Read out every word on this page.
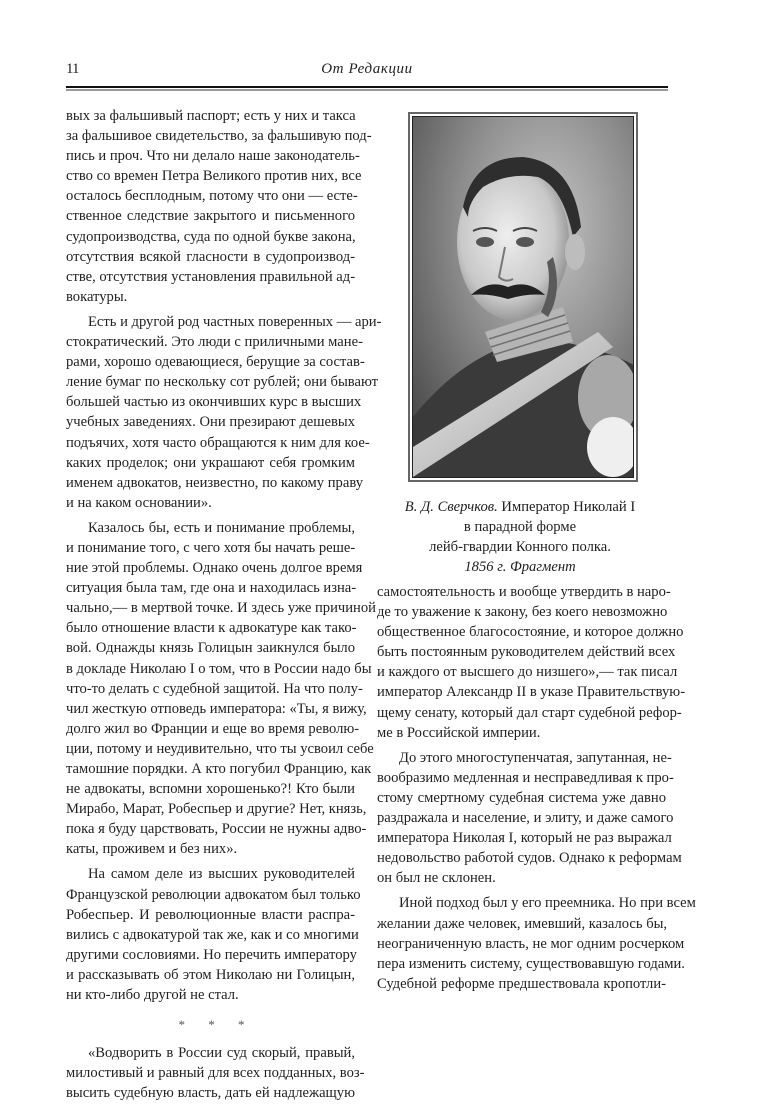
11	От Редакции

вых за фальшивый паспорт; есть у них и такса
за фальшивое свидетельство, за фальшивую под-
пись и проч. Что ни делало наше законодатель-
ство со времен Петра Великого против них, все
осталось бесплодным, потому что они — есте-
ственное следствие закрытого и письменного
судопроизводства, суда по одной букве закона,
отсутствия всякой гласности в судопроизвод-
стве, отсутствия установления правильной ад-
вокатуры.

Есть и другой род частных поверенных — ари-
стократический. Это люди с приличными мане-
рами, хорошо одевающиеся, берущие за состав-
ление бумаг по нескольку сот рублей; они бывают
большей частью из окончивших курс в высших
учебных заведениях. Они презирают дешевых
подъячих, хотя часто обращаются к ним для кое-
каких проделок; они украшают себя громким
именем адвокатов, неизвестно, по какому праву
и на каком основании».

Казалось бы, есть и понимание проблемы,
и понимание того, с чего хотя бы начать реше-
ние этой проблемы. Однако очень долгое время
ситуация была там, где она и находилась изна-
чально,— в мертвой точке. И здесь уже причиной
было отношение власти к адвокатуре как тако-
вой. Однажды князь Голицын заикнулся было
в докладе Николаю I о том, что в России надо бы
что-то делать с судебной защитой. На что полу-
чил жесткую отповедь императора: «Ты, я вижу,
долго жил во Франции и еще во время револю-
ции, потому и неудивительно, что ты усвоил себе
тамошние порядки. А кто погубил Францию, как
не адвокаты, вспомни хорошенько?! Кто были
Мирабо, Марат, Робеспьер и другие? Нет, князь,
пока я буду царствовать, России не нужны адво-
каты, проживем и без них».

На самом деле из высших руководителей
Французской революции адвокатом был только
Робеспьер. И революционные власти распра-
вились с адвокатурой так же, как и со многими
другими сословиями. Но перечить императору
и рассказывать об этом Николаю ни Голицын,
ни кто-либо другой не стал.

* * *

«Водворить в России суд скорый, правый,
милостивый и равный для всех подданных, воз-
высить судебную власть, дать ей надлежащую

В. Д. Сверчков. Император Николай I
в парадной форме
лейб-гвардии Конного полка.
1856 г. Фрагмент

самостоятельность и вообще утвердить в наро-
де то уважение к закону, без коего невозможно
общественное благосостояние, и которое должно
быть постоянным руководителем действий всех
и каждого от высшего до низшего»,— так писал
император Александр II в указе Правительствую-
щему сенату, который дал старт судебной рефор-
ме в Российской империи.

До этого многоступенчатая, запутанная, не-
вообразимо медленная и несправедливая к про-
стому смертному судебная система уже давно
раздражала и население, и элиту, и даже самого
императора Николая I, который не раз выражал
недовольство работой судов. Однако к реформам
он был не склонен.

Иной подход был у его преемника. Но при всем
желании даже человек, имевший, казалось бы,
неограниченную власть, не мог одним росчерком
пера изменить систему, существовавшую годами.
Судебной реформе предшествовала кропотли-
